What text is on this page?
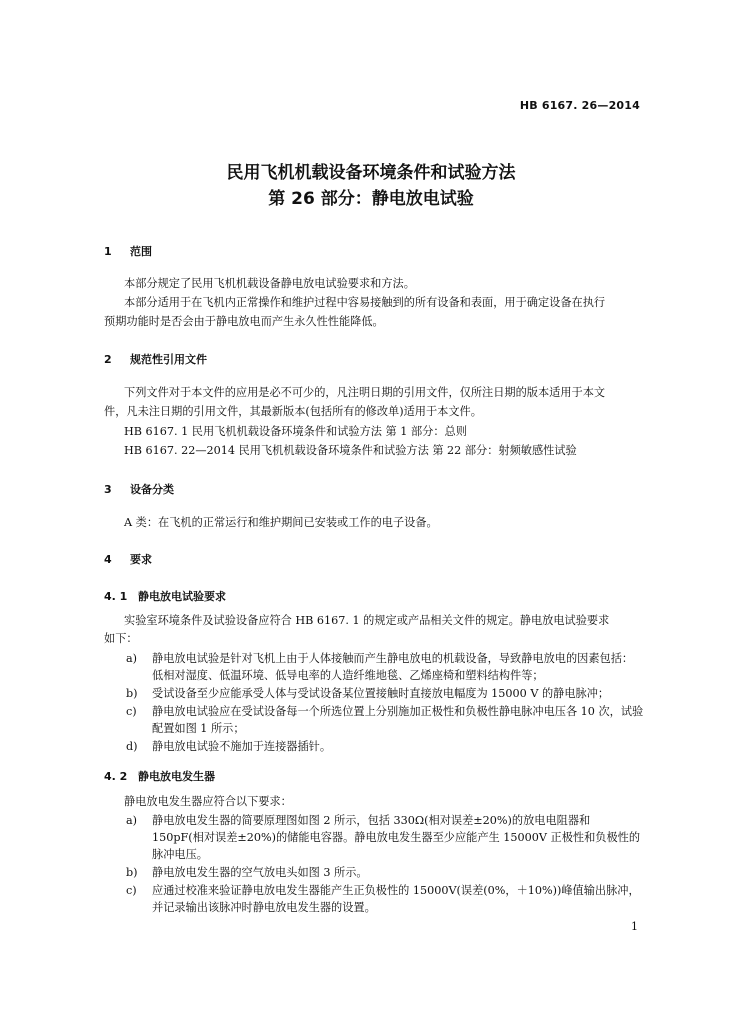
HB 6167. 26—2014
民用飞机机载设备环境条件和试验方法
第 26 部分：静电放电试验
1 范围
本部分规定了民用飞机机载设备静电放电试验要求和方法。
本部分适用于在飞机内正常操作和维护过程中容易接触到的所有设备和表面，用于确定设备在执行
预期功能时是否会由于静电放电而产生永久性性能降低。
2 规范性引用文件
下列文件对于本文件的应用是必不可少的，凡注明日期的引用文件，仅所注日期的版本适用于本文
件，凡未注日期的引用文件，其最新版本(包括所有的修改单)适用于本文件。
HB 6167. 1 民用飞机机载设备环境条件和试验方法 第 1 部分：总则
HB 6167. 22—2014 民用飞机机载设备环境条件和试验方法 第 22 部分：射频敏感性试验
3 设备分类
A 类：在飞机的正常运行和维护期间已安装或工作的电子设备。
4 要求
4. 1 静电放电试验要求
实验室环境条件及试验设备应符合 HB 6167. 1 的规定或产品相关文件的规定。静电放电试验要求
如下：
a) 静电放电试验是针对飞机上由于人体接触而产生静电放电的机载设备，导致静电放电的因素包括：低相对湿度、低温环境、低导电率的人造纤维地毯、乙烯座椅和塑料结构件等；
b) 受试设备至少应能承受人体与受试设备某位置接触时直接放电幅度为 15000 V 的静电脉冲；
c) 静电放电试验应在受试设备每一个所选位置上分别施加正极性和负极性静电脉冲电压各 10 次，试验配置如图 1 所示；
d) 静电放电试验不施加于连接器插针。
4. 2 静电放电发生器
静电放电发生器应符合以下要求：
a) 静电放电发生器的简要原理图如图 2 所示，包括 330Ω(相对误差±20%)的放电电阻器和 150pF(相对误差±20%)的储能电容器。静电放电发生器至少应能产生 15000V 正极性和负极性的脉冲电压。
b) 静电放电发生器的空气放电头如图 3 所示。
c) 应通过校准来验证静电放电发生器能产生正负极性的 15000V(误差(0%，＋10%))峰值输出脉冲，并记录输出该脉冲时静电放电发生器的设置。
1
